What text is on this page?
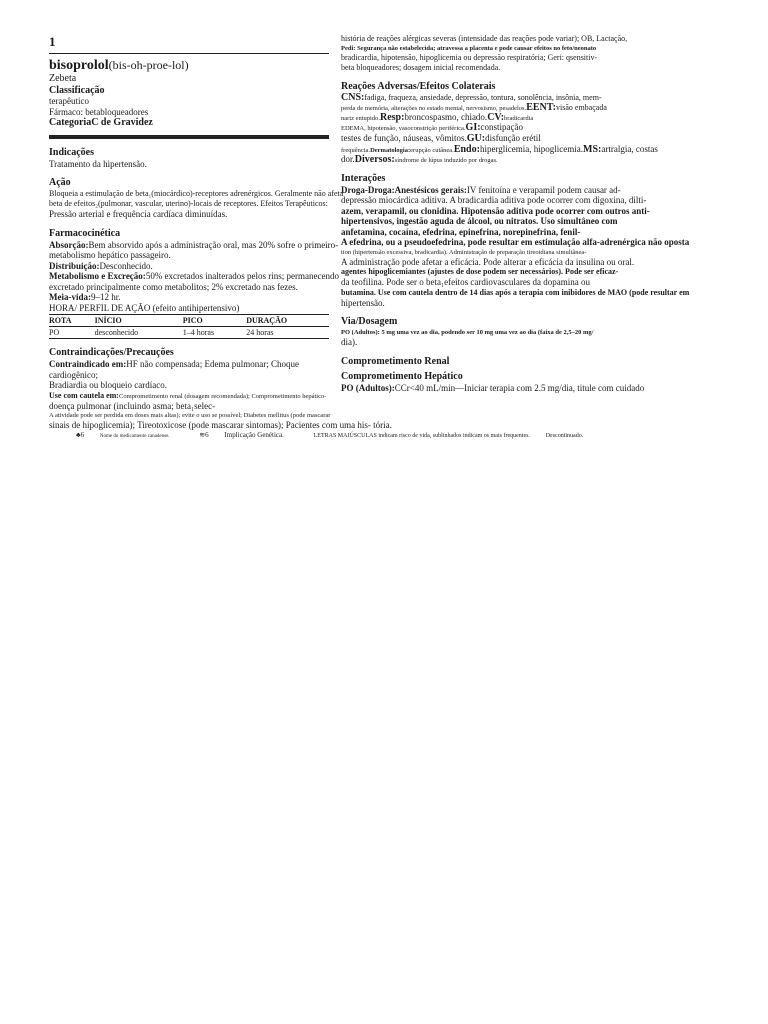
1
bisoprolol(bis-oh-proe-lol)
Zebeta
Classificação
terapêutico
Fármaco: betabloqueadores
CategoriaC de Gravidez
Indicações
Tratamento da hipertensão.
Ação
Bloqueia a estimulação de beta₁(miocárdico)-receptores adrenérgicos. Geralmente não afeta
beta de efeitos₂(pulmonar, vascular, uterino)-locais de receptores. Efeitos Terapêuticos:
Pressão arterial e frequência cardíaca diminuídas.
Farmacocinética
Absorção:Bem absorvido após a administração oral, mas 20% sofre o primeiro-
metabolismo hepático passageiro.
Distribuição:Desconhecido.
Metabolismo e Excreção:50% excretados inalterados pelos rins; permanecendo
excretado principalmente como metabolitos; 2% excretado nas fezes.
Meia-vida:9–12 hr.
HORA/ PERFIL DE AÇÃO (efeito antihipertensivo)
ROTA	INÍCIO	PICO	DURAÇÃO
PO	desconhecido	1–4 horas	24 horas
Contraindicações/Precauções
Contraindicado em:HF não compensada; Edema pulmonar; Choque cardiogênico;
Bradiardia ou bloqueio cardíaco.
Use com cautela em:Comprometimento renal (dosagem recomendada); Comprometimento hepático-
doença pulmonar (incluindo asma; beta₁selec-
A atividade pode ser perdida em doses mais altas); evite o uso se possível; Diabetes mellitus (pode mascarar
sinais de hipoglicemia); Tireotoxicose (pode mascarar sintomas); Pacientes com uma his- tória.
história de reações alérgicas severas (intensidade das reações pode variar); OB, Lactação,
Pedi: Segurança não estabelecida; atravessa a placenta e pode causar efeitos no feto/neonato
bradicardia, hipotensão, hipoglicemia ou depressão respiratória; Geri: qsensitiv-
beta bloqueadores; dosagem inicial recomendada.
Reações Adversas/Efeitos Colaterais
CNS:fadiga, fraqueza, ansiedade, depressão, tontura, sonolência, insônia, mem-
perda de memória, alterações no estado mental, nervosismo, pesadelos.EENT:visão embaçada
nariz entupido.Resp:broncospasmo, chiado.CV:bradicardia
EDEMA, hipotensão, vasoconstrição periférica.GI:constipação
testes de função, náuseas, vômitos.GU:disfunção erétil
frequência.Dermatologia:erupção cutânea.Endo:hiperglicemia, hipoglicemia.MS:artralgia, costas
dor.Diversos:síndrome de lúpus induzido por drogas.
Interações
Droga-Droga:Anestésicos gerais:IV fenitoína e verapamil podem causar ad-
depressão miocárdica aditiva. A bradicardia aditiva pode ocorrer com digoxina, dilti-
azem, verapamil, ou clonidina. Hipotensão aditiva pode ocorrer com outros anti-
hipertensivos, ingestão aguda de álcool, ou nitratos. Uso simultâneo com
anfetamina, cocaína, efedrina, epinefrina, norepinefrina, fenil-
A efedrina, ou a pseudoefedrina, pode resultar em estimulação alfa-adrenérgica não oposta
tion (hipertensão excessiva, bradicardia). Administração de preparação tireoidiana simultânea-
A administração pode afetar a eficácia. Pode alterar a eficácia da insulina ou oral.
agentes hipoglicemiantes (ajustes de dose podem ser necessários). Pode ser eficaz-
da teofilina. Pode ser o beta₁efeitos cardiovasculares da dopamina ou
butamina. Use com cautela dentro de 14 dias após a terapia com inibidores de MAO (pode resultar em
hipertensão.
Via/Dosagem
PO (Adultos): 5 mg uma vez ao dia, podendo ser 10 mg uma vez ao dia (faixa de 2,5–20 mg/
dia).
Comprometimento Renal
Comprometimento Hepático
PO (Adultos):CCr<40 mL/min—Iniciar terapia com 2.5 mg/dia, titule com cuidado
♣6	Nome do medicamento canadense.	≋6 Implicação Genética.	LETRAS MAIÚSCULAS indicam risco de vida, sublinhados indicam os mais frequentes.	Descontinuado.
